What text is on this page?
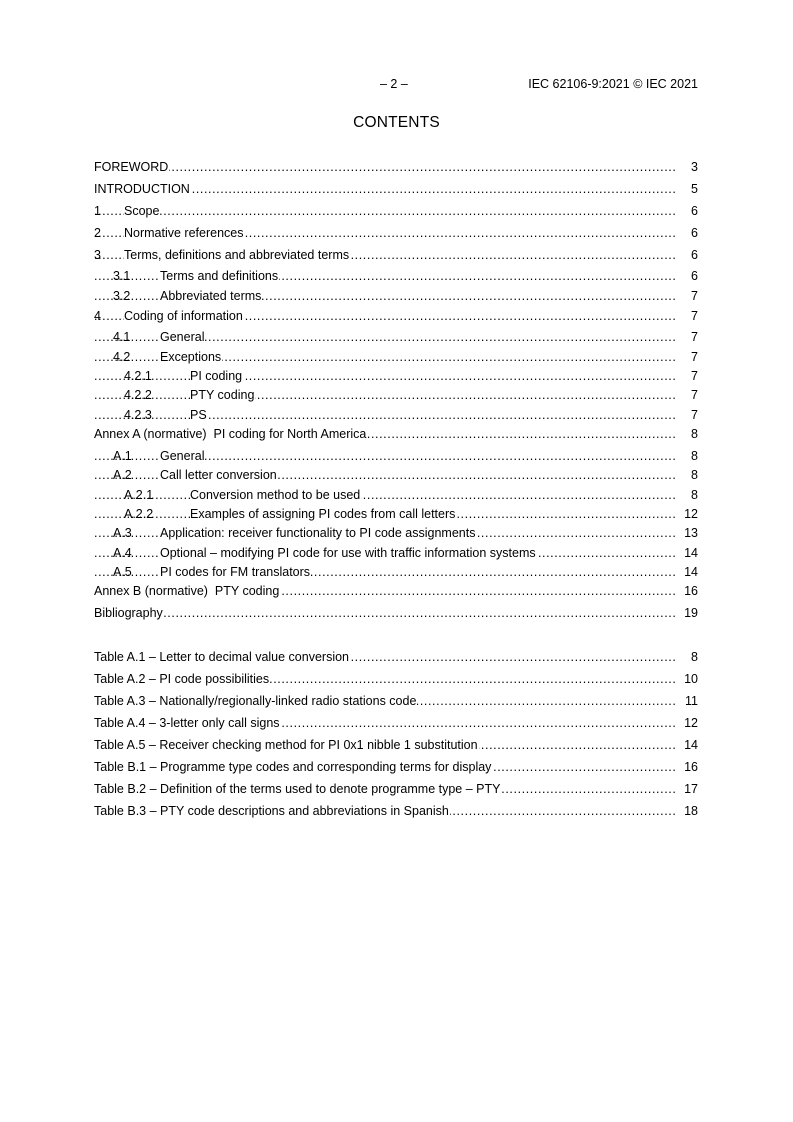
– 2 –	IEC 62106-9:2021 © IEC 2021
CONTENTS
FOREWORD .....	3
INTRODUCTION .....	5
1 Scope .....	6
2 Normative references .....	6
3 Terms, definitions and abbreviated terms .....	6
3.1 Terms and definitions .....	6
3.2 Abbreviated terms .....	7
4 Coding of information .....	7
4.1 General .....	7
4.2 Exceptions .....	7
4.2.1	PI coding .....	7
4.2.2	PTY coding .....	7
4.2.3	PS .....	7
Annex A (normative)  PI coding for North America .....	8
A.1 General .....	8
A.2 Call letter conversion .....	8
A.2.1	Conversion method to be used .....	8
A.2.2	Examples of assigning PI codes from call letters .....	12
A.3 Application: receiver functionality to PI code assignments .....	13
A.4 Optional – modifying PI code for use with traffic information systems .....	14
A.5 PI codes for FM translators .....	14
Annex B (normative)  PTY coding .....	16
Bibliography .....	19
Table A.1 – Letter to decimal value conversion .....	8
Table A.2 – PI code possibilities .....	10
Table A.3 – Nationally/regionally-linked radio stations code .....	11
Table A.4 – 3-letter only call signs .....	12
Table A.5 – Receiver checking method for PI 0x1 nibble 1 substitution .....	14
Table B.1 – Programme type codes and corresponding terms for display .....	16
Table B.2 – Definition of the terms used to denote programme type – PTY .....	17
Table B.3 – PTY code descriptions and abbreviations in Spanish .....	18
